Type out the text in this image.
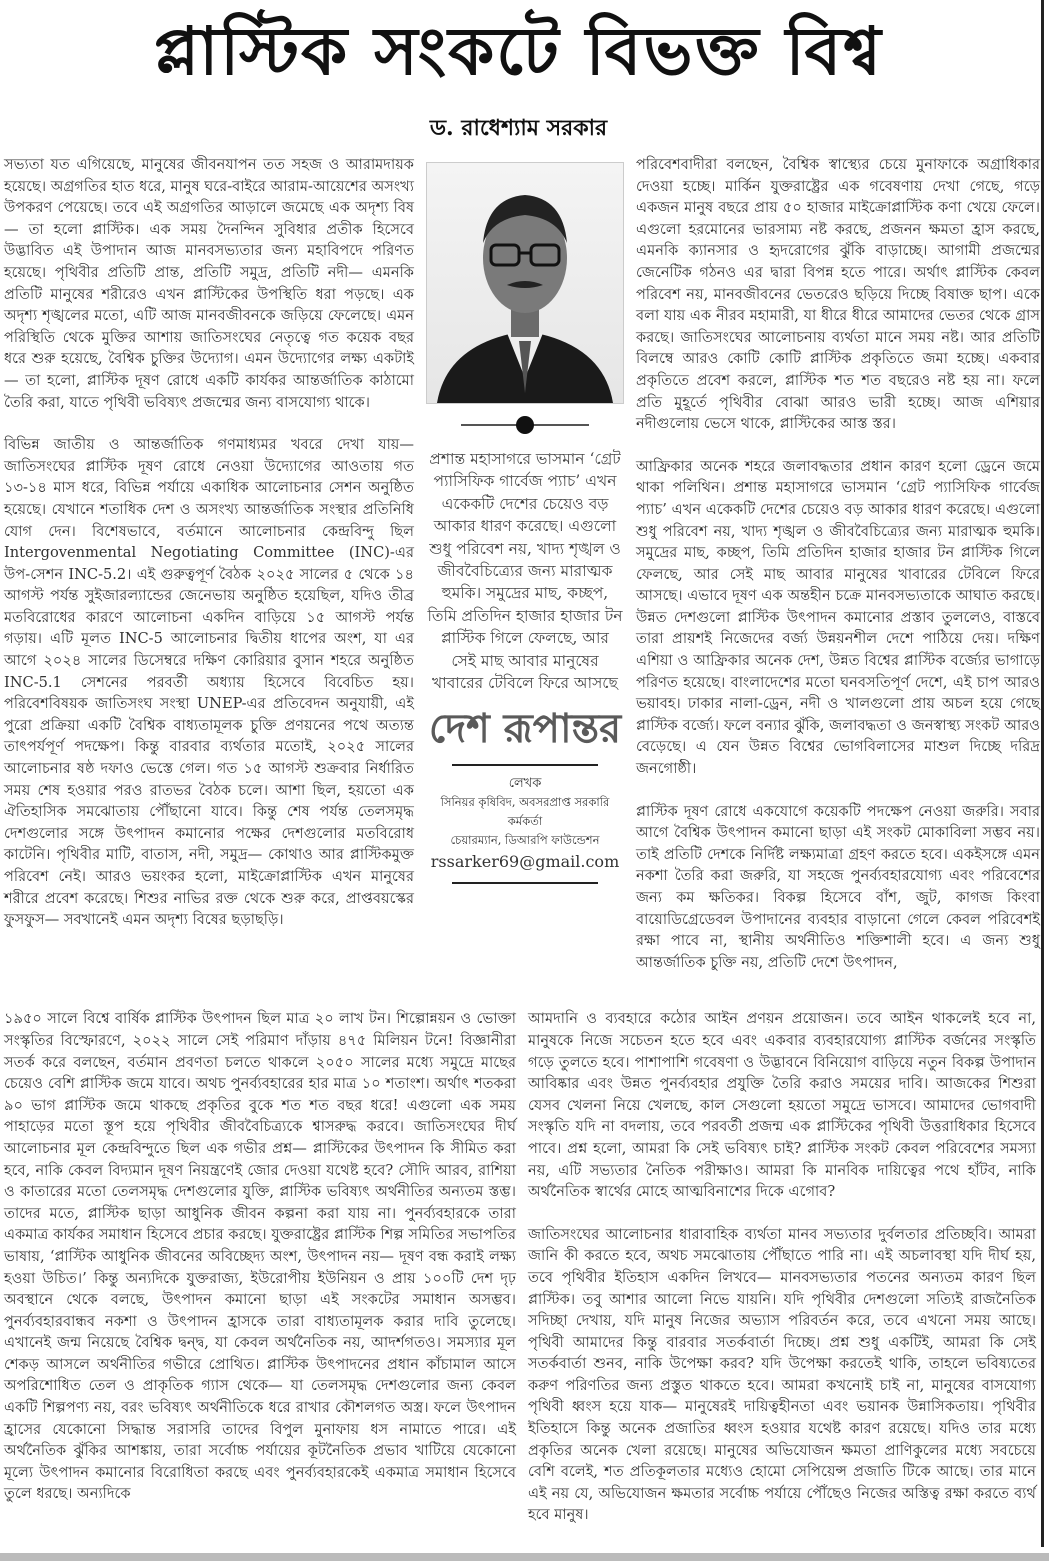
প্লাস্টিক সংকটে বিভক্ত বিশ্ব
ড. রাধেশ্যাম সরকার

সভ্যতা যত এগিয়েছে, মানুষের জীবনযাপন তত সহজ ও আরামদায়ক হয়েছে। অগ্রগতির হাত ধরে, মানুষ ঘরে-বাইরে আরাম-আয়েশের অসংখ্য উপকরণ পেয়েছে। তবে এই অগ্রগতির আড়ালে জমেছে এক অদৃশ্য বিষ— তা হলো প্লাস্টিক। এক সময় দৈনন্দিন সুবিধার প্রতীক হিসেবে উদ্ভাবিত এই উপাদান আজ মানবসভ্যতার জন্য মহাবিপদে পরিণত হয়েছে। পৃথিবীর প্রতিটি প্রান্ত, প্রতিটি সমুদ্র, প্রতিটি নদী— এমনকি প্রতিটি মানুষের শরীরেও এখন প্লাস্টিকের উপস্থিতি ধরা পড়ছে। এক অদৃশ্য শৃঙ্খলের মতো, এটি আজ মানবজীবনকে জড়িয়ে ফেলেছে। এমন পরিস্থিতি থেকে মুক্তির আশায় জাতিসংঘের নেতৃত্বে গত কয়েক বছর ধরে শুরু হয়েছে, বৈশ্বিক চুক্তির উদ্যোগ। এমন উদ্যোগের লক্ষ্য একটাই— তা হলো, প্লাস্টিক দূষণ রোধে একটি কার্যকর আন্তর্জাতিক কাঠামো তৈরি করা, যাতে পৃথিবী ভবিষ্যৎ প্রজন্মের জন্য বাসযোগ্য থাকে।

বিভিন্ন জাতীয় ও আন্তর্জাতিক গণমাধ্যমর খবরে দেখা যায়— জাতিসংঘের প্লাস্টিক দূষণ রোধে নেওয়া উদ্যোগের আওতায় গত ১৩-১৪ মাস ধরে, বিভিন্ন পর্যায়ে একাধিক আলোচনার সেশন অনুষ্ঠিত হয়েছে। যেখানে শতাধিক দেশ ও অসংখ্য আন্তর্জাতিক সংস্থার প্রতিনিধি যোগ দেন। বিশেষভাবে, বর্তমানে আলোচনার কেন্দ্রবিন্দু ছিল Intergovenmental Negotiating Committee (INC)-এর উপ-সেশন INC-5.2। এই গুরুত্বপূর্ণ বৈঠক ২০২৫ সালের ৫ থেকে ১৪ আগস্ট পর্যন্ত সুইজারল্যান্ডের জেনেভায় অনুষ্ঠিত হয়েছিল, যদিও তীব্র মতবিরোধের কারণে আলোচনা একদিন বাড়িয়ে ১৫ আগস্ট পর্যন্ত গড়ায়। এটি মূলত INC-5 আলোচনার দ্বিতীয় ধাপের অংশ, যা এর আগে ২০২৪ সালের ডিসেম্বরে দক্ষিণ কোরিয়ার বুসান শহরে অনুষ্ঠিত INC-5.1 সেশনের পরবর্তী অধ্যায় হিসেবে বিবেচিত হয়। পরিবেশবিষয়ক জাতিসংঘ সংস্থা UNEP-এর প্রতিবেদন অনুযায়ী, এই পুরো প্রক্রিয়া একটি বৈশ্বিক বাধ্যতামূলক চুক্তি প্রণয়নের পথে অত্যন্ত তাৎপর্যপূর্ণ পদক্ষেপ। কিন্তু বারবার ব্যর্থতার মতোই, ২০২৫ সালের আলোচনার ষষ্ঠ দফাও ভেস্তে গেল। গত ১৫ আগস্ট শুক্রবার নির্ধারিত সময় শেষ হওয়ার পরও রাতভর বৈঠক চলে। আশা ছিল, হয়তো এক ঐতিহাসিক সমঝোতায় পৌঁছানো যাবে। কিন্তু শেষ পর্যন্ত তেলসমৃদ্ধ দেশগুলোর সঙ্গে উৎপাদন কমানোর পক্ষের দেশগুলোর মতবিরোধ কাটেনি। পৃথিবীর মাটি, বাতাস, নদী, সমুদ্র— কোথাও আর প্লাস্টিকমুক্ত পরিবেশ নেই। আরও ভয়ংকর হলো, মাইক্রোপ্লাস্টিক এখন মানুষের শরীরে প্রবেশ করেছে। শিশুর নাভির রক্ত থেকে শুরু করে, প্রাপ্তবয়স্কের ফুসফুস— সবখানেই এমন অদৃশ্য বিষের ছড়াছড়ি।

প্রশান্ত মহাসাগরে ভাসমান ‘গ্রেট প্যাসিফিক গার্বেজ প্যাচ’ এখন একেকটি দেশের চেয়েও বড় আকার ধারণ করেছে। এগুলো শুধু পরিবেশ নয়, খাদ্য শৃঙ্খল ও জীববৈচিত্র্যের জন্য মারাত্মক হুমকি। সমুদ্রের মাছ, কচ্ছপ, তিমি প্রতিদিন হাজার হাজার টন প্লাস্টিক গিলে ফেলছে, আর সেই মাছ আবার মানুষের খাবারের টেবিলে ফিরে আসছে
দেশ রূপান্তর
লেখক
সিনিয়র কৃষিবিদ, অবসরপ্রাপ্ত সরকারি কর্মকর্তা
চেয়ারম্যান, ডিআরপি ফাউন্ডেশন
rssarker69@gmail.com

পরিবেশবাদীরা বলছেন, বৈশ্বিক স্বাস্থ্যের চেয়ে মুনাফাকে অগ্রাধিকার দেওয়া হচ্ছে। মার্কিন যুক্তরাষ্ট্রের এক গবেষণায় দেখা গেছে, গড়ে একজন মানুষ বছরে প্রায় ৫০ হাজার মাইক্রোপ্লাস্টিক কণা খেয়ে ফেলে। এগুলো হরমোনের ভারসাম্য নষ্ট করছে, প্রজনন ক্ষমতা হ্রাস করছে, এমনকি ক্যানসার ও হৃদরোগের ঝুঁকি বাড়াচ্ছে। আগামী প্রজন্মের জেনেটিক গঠনও এর দ্বারা বিপন্ন হতে পারে। অর্থাৎ প্লাস্টিক কেবল পরিবেশ নয়, মানবজীবনের ভেতরেও ছড়িয়ে দিচ্ছে বিষাক্ত ছাপ। একে বলা যায় এক নীরব মহামারী, যা ধীরে ধীরে আমাদের ভেতর থেকে গ্রাস করছে। জাতিসংঘের আলোচনায় ব্যর্থতা মানে সময় নষ্ট। আর প্রতিটি বিলম্বে আরও কোটি কোটি প্লাস্টিক প্রকৃতিতে জমা হচ্ছে। একবার প্রকৃতিতে প্রবেশ করলে, প্লাস্টিক শত শত বছরেও নষ্ট হয় না। ফলে প্রতি মুহূর্তে পৃথিবীর বোঝা আরও ভারী হচ্ছে। আজ এশিয়ার নদীগুলোয় ভেসে থাকে, প্লাস্টিকের আস্ত স্তর।

আফ্রিকার অনেক শহরে জলাবদ্ধতার প্রধান কারণ হলো ড্রেনে জমে থাকা পলিথিন। প্রশান্ত মহাসাগরে ভাসমান ‘গ্রেট প্যাসিফিক গার্বেজ প্যাচ’ এখন একেকটি দেশের চেয়েও বড় আকার ধারণ করেছে। এগুলো শুধু পরিবেশ নয়, খাদ্য শৃঙ্খল ও জীববৈচিত্র্যের জন্য মারাত্মক হুমকি। সমুদ্রের মাছ, কচ্ছপ, তিমি প্রতিদিন হাজার হাজার টন প্লাস্টিক গিলে ফেলছে, আর সেই মাছ আবার মানুষের খাবারের টেবিলে ফিরে আসছে। এভাবে দূষণ এক অন্তহীন চক্রে মানবসভ্যতাকে আঘাত করছে। উন্নত দেশগুলো প্লাস্টিক উৎপাদন কমানোর প্রস্তাব তুললেও, বাস্তবে তারা প্রায়শই নিজেদের বর্জ্য উন্নয়নশীল দেশে পাঠিয়ে দেয়। দক্ষিণ এশিয়া ও আফ্রিকার অনেক দেশ, উন্নত বিশ্বের প্লাস্টিক বর্জ্যের ভাগাড়ে পরিণত হয়েছে। বাংলাদেশের মতো ঘনবসতিপূর্ণ দেশে, এই চাপ আরও ভয়াবহ। ঢাকার নালা-ড্রেন, নদী ও খালগুলো প্রায় অচল হয়ে গেছে প্লাস্টিক বর্জ্যে। ফলে বন্যার ঝুঁকি, জলাবদ্ধতা ও জনস্বাস্থ্য সংকট আরও বেড়েছে। এ যেন উন্নত বিশ্বের ভোগবিলাসের মাশুল দিচ্ছে দরিদ্র জনগোষ্ঠী।

প্লাস্টিক দূষণ রোধে একযোগে কয়েকটি পদক্ষেপ নেওয়া জরুরি। সবার আগে বৈশ্বিক উৎপাদন কমানো ছাড়া এই সংকট মোকাবিলা সম্ভব নয়। তাই প্রতিটি দেশকে নির্দিষ্ট লক্ষ্যমাত্রা গ্রহণ করতে হবে। একইসঙ্গে এমন নকশা তৈরি করা জরুরি, যা সহজে পুনর্ব্যবহারযোগ্য এবং পরিবেশের জন্য কম ক্ষতিকর। বিকল্প হিসেবে বাঁশ, জুট, কাগজ কিংবা বায়োডিগ্রেডেবল উপাদানের ব্যবহার বাড়ানো গেলে কেবল পরিবেশই রক্ষা পাবে না, স্থানীয় অর্থনীতিও শক্তিশালী হবে। এ জন্য শুধু আন্তর্জাতিক চুক্তি নয়, প্রতিটি দেশে উৎপাদন,

১৯৫০ সালে বিশ্বে বার্ষিক প্লাস্টিক উৎপাদন ছিল মাত্র ২০ লাখ টন। শিল্পোন্নয়ন ও ভোক্তা সংস্কৃতির বিস্ফোরণে, ২০২২ সালে সেই পরিমাণ দাঁড়ায় ৪৭৫ মিলিয়ন টনে! বিজ্ঞানীরা সতর্ক করে বলছেন, বর্তমান প্রবণতা চলতে থাকলে ২০৫০ সালের মধ্যে সমুদ্রে মাছের চেয়েও বেশি প্লাস্টিক জমে যাবে। অথচ পুনর্ব্যবহারের হার মাত্র ১০ শতাংশ। অর্থাৎ শতকরা ৯০ ভাগ প্লাস্টিক জমে থাকছে প্রকৃতির বুকে শত শত বছর ধরে! এগুলো এক সময় পাহাড়ের মতো স্তূপ হয়ে পৃথিবীর জীববৈচিত্র্যকে শ্বাসরুদ্ধ করবে। জাতিসংঘের দীর্ঘ আলোচনার মূল কেন্দ্রবিন্দুতে ছিল এক গভীর প্রশ্ন— প্লাস্টিকের উৎপাদন কি সীমিত করা হবে, নাকি কেবল বিদ্যমান দূষণ নিয়ন্ত্রণেই জোর দেওয়া যথেষ্ট হবে? সৌদি আরব, রাশিয়া ও কাতারের মতো তেলসমৃদ্ধ দেশগুলোর যুক্তি, প্লাস্টিক ভবিষ্যৎ অর্থনীতির অন্যতম স্তম্ভ। তাদের মতে, প্লাস্টিক ছাড়া আধুনিক জীবন কল্পনা করা যায় না। পুনর্ব্যবহারকে তারা একমাত্র কার্যকর সমাধান হিসেবে প্রচার করছে। যুক্তরাষ্ট্রের প্লাস্টিক শিল্প সমিতির সভাপতির ভাষায়, ‘প্লাস্টিক আধুনিক জীবনের অবিচ্ছেদ্য অংশ, উৎপাদন নয়— দূষণ বন্ধ করাই লক্ষ্য হওয়া উচিত।’ কিন্তু অন্যদিকে যুক্তরাজ্য, ইউরোপীয় ইউনিয়ন ও প্রায় ১০০টি দেশ দৃঢ় অবস্থানে থেকে বলছে, উৎপাদন কমানো ছাড়া এই সংকটের সমাধান অসম্ভব। পুনর্ব্যবহারবান্ধব নকশা ও উৎপাদন হ্রাসকে তারা বাধ্যতামূলক করার দাবি তুলেছে। এখানেই জন্ম নিয়েছে বৈশ্বিক দ্বন্দ্ব, যা কেবল অর্থনৈতিক নয়, আদর্শগতও। সমস্যার মূল শেকড় আসলে অর্থনীতির গভীরে প্রোথিত। প্লাস্টিক উৎপাদনের প্রধান কাঁচামাল আসে অপরিশোধিত তেল ও প্রাকৃতিক গ্যাস থেকে— যা তেলসমৃদ্ধ দেশগুলোর জন্য কেবল একটি শিল্পপণ্য নয়, বরং ভবিষ্যৎ অর্থনীতিকে ধরে রাখার কৌশলগত অস্ত্র। ফলে উৎপাদন হ্রাসের যেকোনো সিদ্ধান্ত সরাসরি তাদের বিপুল মুনাফায় ধস নামাতে পারে। এই অর্থনৈতিক ঝুঁকির আশঙ্কায়, তারা সর্বোচ্চ পর্যায়ের কূটনৈতিক প্রভাব খাটিয়ে যেকোনো মূল্যে উৎপাদন কমানোর বিরোধিতা করছে এবং পুনর্ব্যবহারকেই একমাত্র সমাধান হিসেবে তুলে ধরছে। অন্যদিকে

আমদানি ও ব্যবহারে কঠোর আইন প্রণয়ন প্রয়োজন। তবে আইন থাকলেই হবে না, মানুষকে নিজে সচেতন হতে হবে এবং একবার ব্যবহারযোগ্য প্লাস্টিক বর্জনের সংস্কৃতি গড়ে তুলতে হবে। পাশাপাশি গবেষণা ও উদ্ভাবনে বিনিয়োগ বাড়িয়ে নতুন বিকল্প উপাদান আবিষ্কার এবং উন্নত পুনর্ব্যবহার প্রযুক্তি তৈরি করাও সময়ের দাবি। আজকের শিশুরা যেসব খেলনা নিয়ে খেলছে, কাল সেগুলো হয়তো সমুদ্রে ভাসবে। আমাদের ভোগবাদী সংস্কৃতি যদি না বদলায়, তবে পরবর্তী প্রজন্ম এক প্লাস্টিকের পৃথিবী উত্তরাধিকার হিসেবে পাবে। প্রশ্ন হলো, আমরা কি সেই ভবিষ্যৎ চাই? প্লাস্টিক সংকট কেবল পরিবেশের সমস্যা নয়, এটি সভ্যতার নৈতিক পরীক্ষাও। আমরা কি মানবিক দায়িত্বের পথে হাঁটব, নাকি অর্থনৈতিক স্বার্থের মোহে আত্মবিনাশের দিকে এগোব?

জাতিসংঘের আলোচনার ধারাবাহিক ব্যর্থতা মানব সভ্যতার দুর্বলতার প্রতিচ্ছবি। আমরা জানি কী করতে হবে, অথচ সমঝোতায় পৌঁছাতে পারি না। এই অচলাবস্থা যদি দীর্ঘ হয়, তবে পৃথিবীর ইতিহাস একদিন লিখবে— মানবসভ্যতার পতনের অন্যতম কারণ ছিল প্লাস্টিক। তবু আশার আলো নিভে যায়নি। যদি পৃথিবীর দেশগুলো সত্যিই রাজনৈতিক সদিচ্ছা দেখায়, যদি মানুষ নিজের অভ্যাস পরিবর্তন করে, তবে এখনো সময় আছে। পৃথিবী আমাদের কিন্তু বারবার সতর্কবার্তা দিচ্ছে। প্রশ্ন শুধু একটিই, আমরা কি সেই সতর্কবার্তা শুনব, নাকি উপেক্ষা করব? যদি উপেক্ষা করতেই থাকি, তাহলে ভবিষ্যতের করুণ পরিণতির জন্য প্রস্তুত থাকতে হবে। আমরা কখনোই চাই না, মানুষের বাসযোগ্য পৃথিবী ধ্বংস হয়ে যাক— মানুষেরই দায়িত্বহীনতা এবং ভয়ানক উন্নাসিকতায়। পৃথিবীর ইতিহাসে কিন্তু অনেক প্রজাতির ধ্বংস হওয়ার যথেষ্ট কারণ রয়েছে। যদিও তার মধ্যে প্রকৃতির অনেক খেলা রয়েছে। মানুষের অভিযোজন ক্ষমতা প্রাণিকুলের মধ্যে সবচেয়ে বেশি বলেই, শত প্রতিকূলতার মধ্যেও হোমো সেপিয়েন্স প্রজাতি টিকে আছে। তার মানে এই নয় যে, অভিযোজন ক্ষমতার সর্বোচ্চ পর্যায়ে পৌঁছেও নিজের অস্তিত্ব রক্ষা করতে ব্যর্থ হবে মানুষ।
